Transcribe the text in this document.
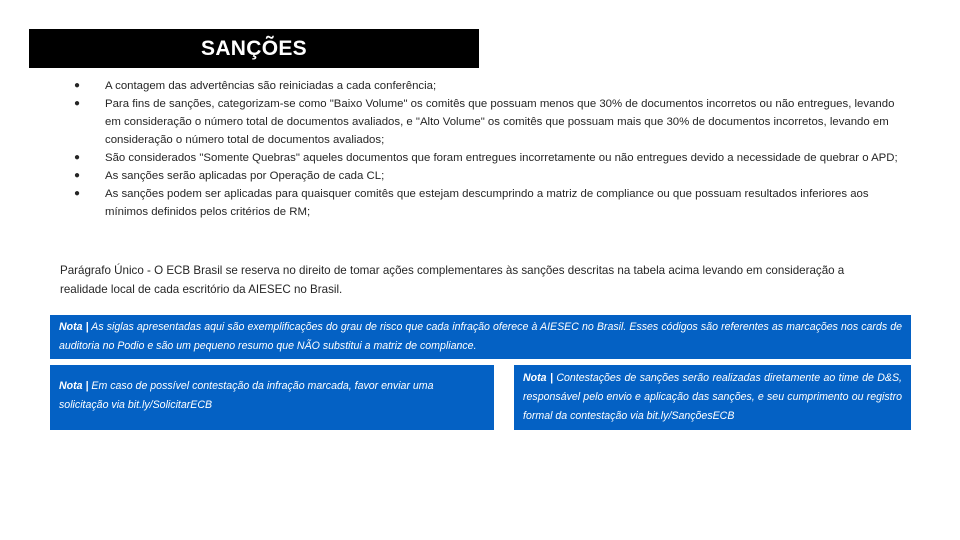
SANÇÕES
● A contagem das advertências são reiniciadas a cada conferência;
● Para fins de sanções, categorizam-se como "Baixo Volume" os comitês que possuam menos que 30% de documentos incorretos ou não entregues, levando em consideração o número total de documentos avaliados, e "Alto Volume" os comitês que possuam mais que 30% de documentos incorretos, levando em consideração o número total de documentos avaliados;
● São considerados "Somente Quebras" aqueles documentos que foram entregues incorretamente ou não entregues devido a necessidade de quebrar o APD;
● As sanções serão aplicadas por Operação de cada CL;
● As sanções podem ser aplicadas para quaisquer comitês que estejam descumprindo a matriz de compliance ou que possuam resultados inferiores aos mínimos definidos pelos critérios de RM;

Parágrafo Único - O ECB Brasil se reserva no direito de tomar ações complementares às sanções descritas na tabela acima levando em consideração a realidade local de cada escritório da AIESEC no Brasil.

Nota | As siglas apresentadas aqui são exemplificações do grau de risco que cada infração oferece à AIESEC no Brasil. Esses códigos são referentes as marcações nos cards de auditoria no Podio e são um pequeno resumo que NÃO substitui a matriz de compliance.
Nota | Em caso de possível contestação da infração marcada, favor enviar uma solicitação via bit.ly/SolicitarECB
Nota | Contestações de sanções serão realizadas diretamente ao time de D&S, responsável pelo envio e aplicação das sanções, e seu cumprimento ou registro formal da contestação via bit.ly/SançõesECB
